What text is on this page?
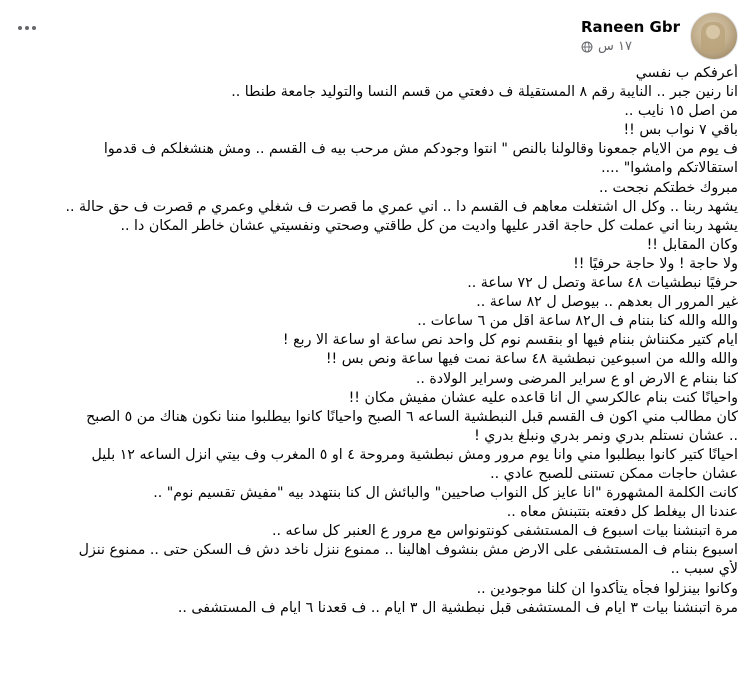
Raneen Gbr
١٧ س
أعرفكم ب نفسي
انا رنين جبر .. النايبة رقم ٨ المستقيلة ف دفعتي من قسم النسا والتوليد جامعة طنطا ..
من اصل ١٥ نايب ..
باقي ٧ نواب بس !!
ف يوم من الايام جمعونا وقالولنا بالنص " انتوا وجودكم مش مرحب بيه ف القسم .. ومش هنشغلكم ف قدموا
استقالاتكم وامشوا" ....
مبروك خطتكم نجحت ..
يشهد ربنا .. وكل ال اشتغلت معاهم ف القسم دا .. اني عمري ما قصرت ف شغلي وعمري م قصرت ف حق حالة ..
يشهد ربنا اني عملت كل حاجة اقدر عليها واديت من كل طاقتي وصحتي ونفسيتي عشان خاطر المكان دا ..
وكان المقابل !!
ولا حاجة ! ولا حاجة حرفيًا !!
حرفيًا نبطشيات ٤٨ ساعة وتصل ل ٧٢ ساعة ..
غير المرور ال بعدهم .. بيوصل ل ٨٢ ساعة ..
والله والله كنا بننام ف ال٨٢ ساعة اقل من ٦ ساعات ..
ايام كتير مكنناش بننام فيها او بنقسم نوم كل واحد نص ساعة او ساعة الا ربع !
والله والله من اسبوعين نبطشية ٤٨ ساعة نمت فيها ساعة ونص بس !!
كنا بننام ع الارض او ع سراير المرضى وسراير الولادة ..
واحيانًا كنت بنام عالكرسي ال انا قاعده عليه عشان مفيش مكان !!
كان مطالب مني اكون ف القسم قبل النبطشية الساعه ٦ الصبح واحيانًا كانوا بيطلبوا مننا نكون هناك من ٥ الصبح
.. عشان نستلم بدري ونمر بدري ونبلغ بدري !
احيانًا كتير كانوا بيطلبوا مني وانا يوم مرور ومش نبطشية ومروحة ٤ او ٥ المغرب وف بيتي انزل الساعه ١٢ بليل
عشان حاجات ممكن تستنى للصبح عادي ..
كانت الكلمة المشهورة "انا عايز كل النواب صاحيين" والبائش ال كنا بنتهدد بيه "مفيش تقسيم نوم" ..
عندنا ال بيغلط كل دفعته بتتبنش معاه ..
مرة اتبنشنا بيات اسبوع ف المستشفى كونتونواس مع مرور ع العنبر كل ساعه ..
اسبوع بننام ف المستشفى على الارض مش بنشوف اهالينا .. ممنوع ننزل ناخد دش ف السكن حتى .. ممنوع ننزل
لأي سبب ..
وكانوا بينزلوا فجأه يتأكدوا ان كلنا موجودين ..
مرة اتبنشنا بيات ٣ ايام ف المستشفى قبل نبطشية ال ٣ ايام .. ف قعدنا ٦ ايام ف المستشفى ..
